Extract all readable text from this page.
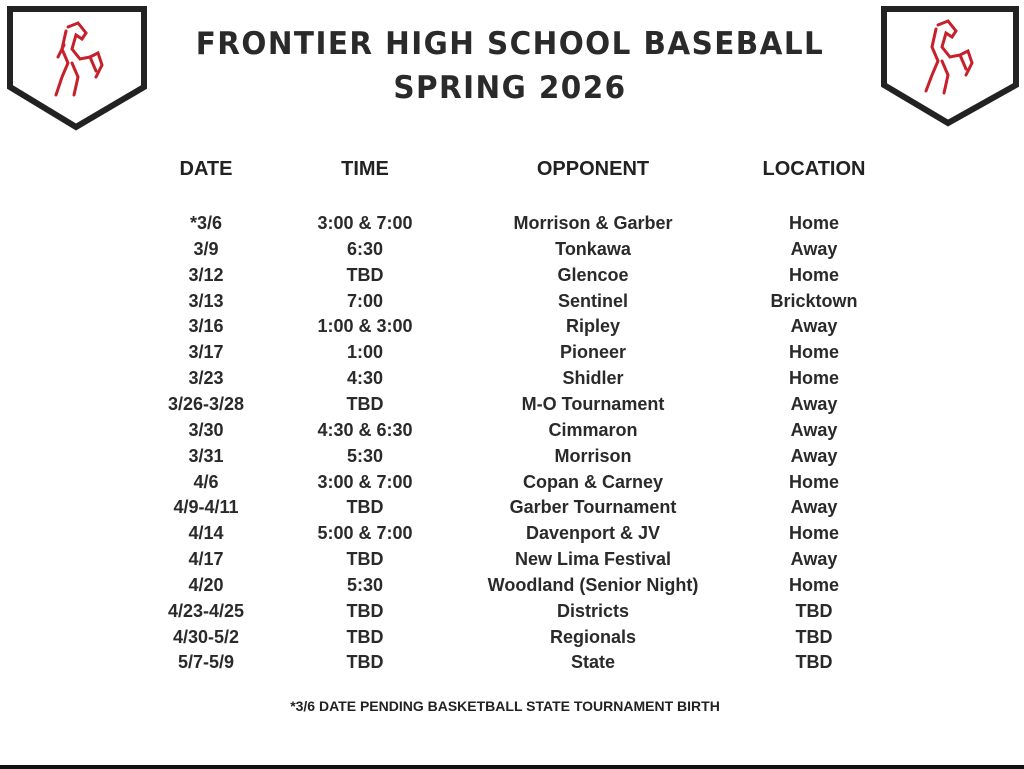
FRONTIER HIGH SCHOOL BASEBALL
SPRING 2026
DATE	TIME	OPPONENT	LOCATION
*3/6	3:00 & 7:00	Morrison & Garber	Home
3/9	6:30	Tonkawa	Away
3/12	TBD	Glencoe	Home
3/13	7:00	Sentinel	Bricktown
3/16	1:00 & 3:00	Ripley	Away
3/17	1:00	Pioneer	Home
3/23	4:30	Shidler	Home
3/26-3/28	TBD	M-O Tournament	Away
3/30	4:30 & 6:30	Cimmaron	Away
3/31	5:30	Morrison	Away
4/6	3:00 & 7:00	Copan & Carney	Home
4/9-4/11	TBD	Garber Tournament	Away
4/14	5:00 & 7:00	Davenport & JV	Home
4/17	TBD	New Lima Festival	Away
4/20	5:30	Woodland (Senior Night)	Home
4/23-4/25	TBD	Districts	TBD
4/30-5/2	TBD	Regionals	TBD
5/7-5/9	TBD	State	TBD
*3/6 DATE PENDING BASKETBALL STATE TOURNAMENT BIRTH
